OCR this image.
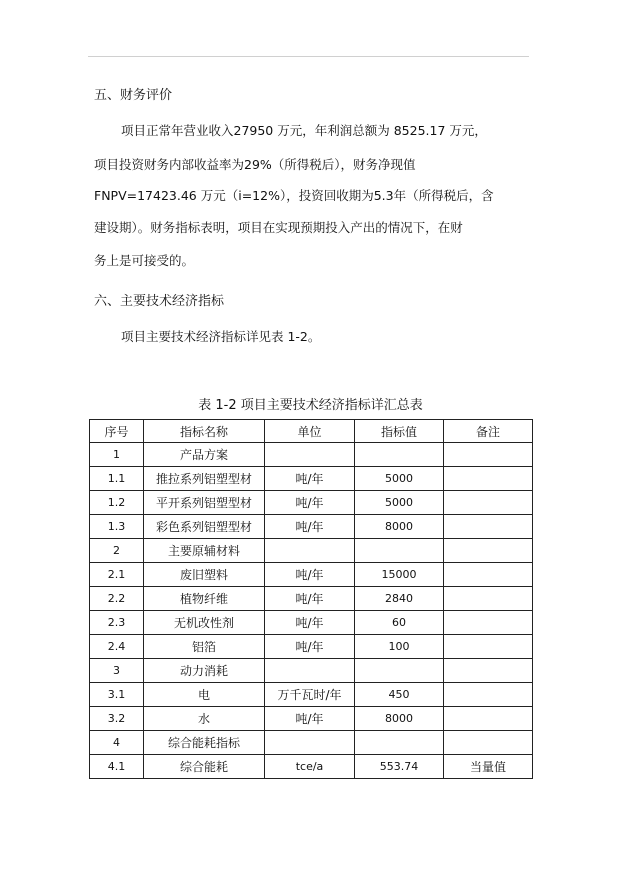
五、财务评价
项目正常年营业收入27950 万元，年利润总额为 8525.17 万元，
项目投资财务内部收益率为29%（所得税后），财务净现值
FNPV=17423.46 万元（i=12%），投资回收期为5.3年（所得税后，含
建设期）。财务指标表明，项目在实现预期投入产出的情况下，在财
务上是可接受的。
六、主要技术经济指标
项目主要技术经济指标详见表 1-2。
表 1-2 项目主要技术经济指标详汇总表
序号	指标名称	单位	指标值	备注
1	产品方案			
1.1	推拉系列铝塑型材	吨/年	5000	
1.2	平开系列铝塑型材	吨/年	5000	
1.3	彩色系列铝塑型材	吨/年	8000	
2	主要原辅材料			
2.1	废旧塑料	吨/年	15000	
2.2	植物纤维	吨/年	2840	
2.3	无机改性剂	吨/年	60	
2.4	铝箔	吨/年	100	
3	动力消耗			
3.1	电	万千瓦时/年	450	
3.2	水	吨/年	8000	
4	综合能耗指标			
4.1	综合能耗	tce/a	553.74	当量值
